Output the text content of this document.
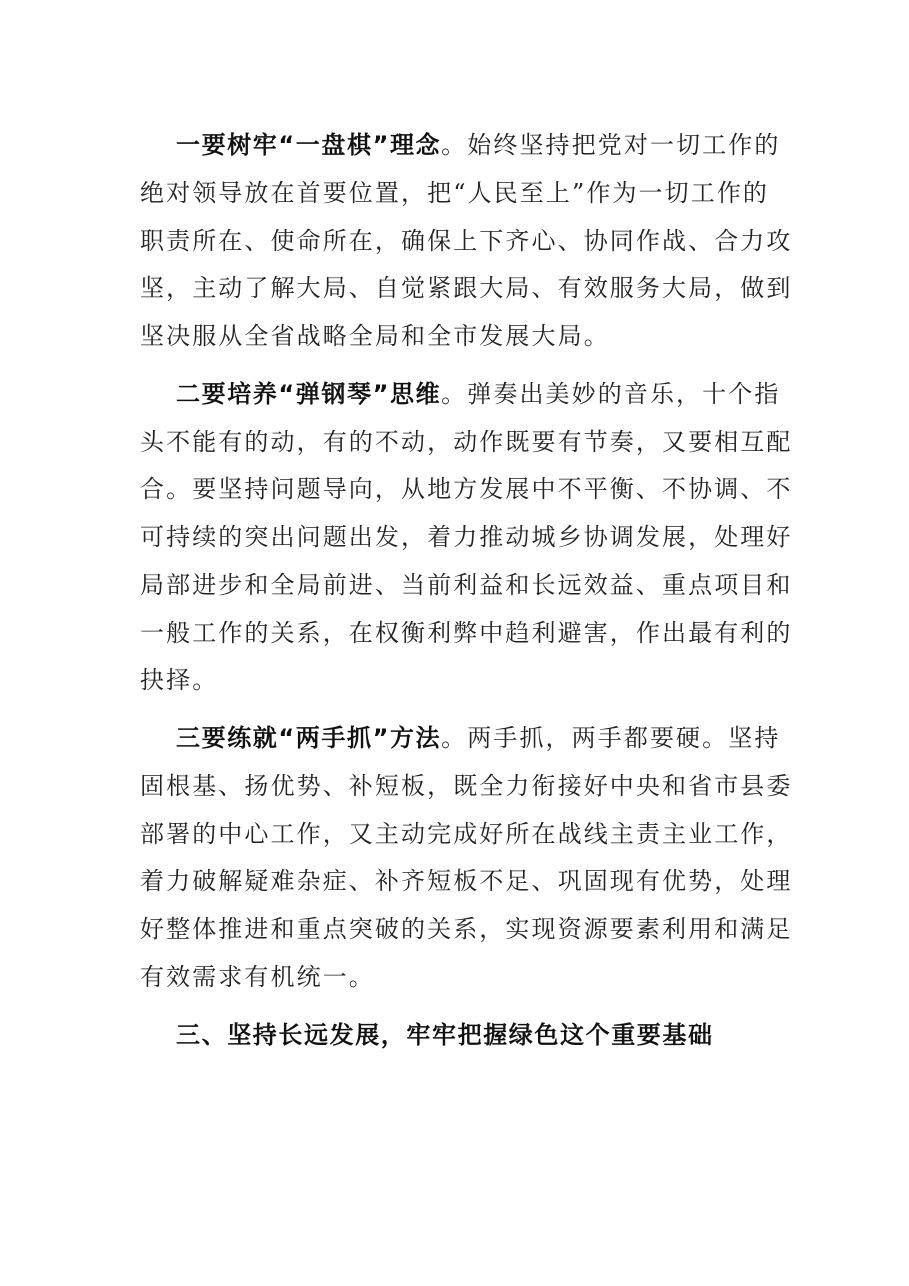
一要树牢“一盘棋”理念。始终坚持把党对一切工作的
绝对领导放在首要位置，把“人民至上”作为一切工作的
职责所在、使命所在，确保上下齐心、协同作战、合力攻
坚，主动了解大局、自觉紧跟大局、有效服务大局，做到
坚决服从全省战略全局和全市发展大局。
二要培养“弹钢琴”思维。弹奏出美妙的音乐，十个指
头不能有的动，有的不动，动作既要有节奏，又要相互配
合。要坚持问题导向，从地方发展中不平衡、不协调、不
可持续的突出问题出发，着力推动城乡协调发展，处理好
局部进步和全局前进、当前利益和长远效益、重点项目和
一般工作的关系，在权衡利弊中趋利避害，作出最有利的
抉择。
三要练就“两手抓”方法。两手抓，两手都要硬。坚持
固根基、扬优势、补短板，既全力衔接好中央和省市县委
部署的中心工作，又主动完成好所在战线主责主业工作，
着力破解疑难杂症、补齐短板不足、巩固现有优势，处理
好整体推进和重点突破的关系，实现资源要素利用和满足
有效需求有机统一。
三、坚持长远发展，牢牢把握绿色这个重要基础
